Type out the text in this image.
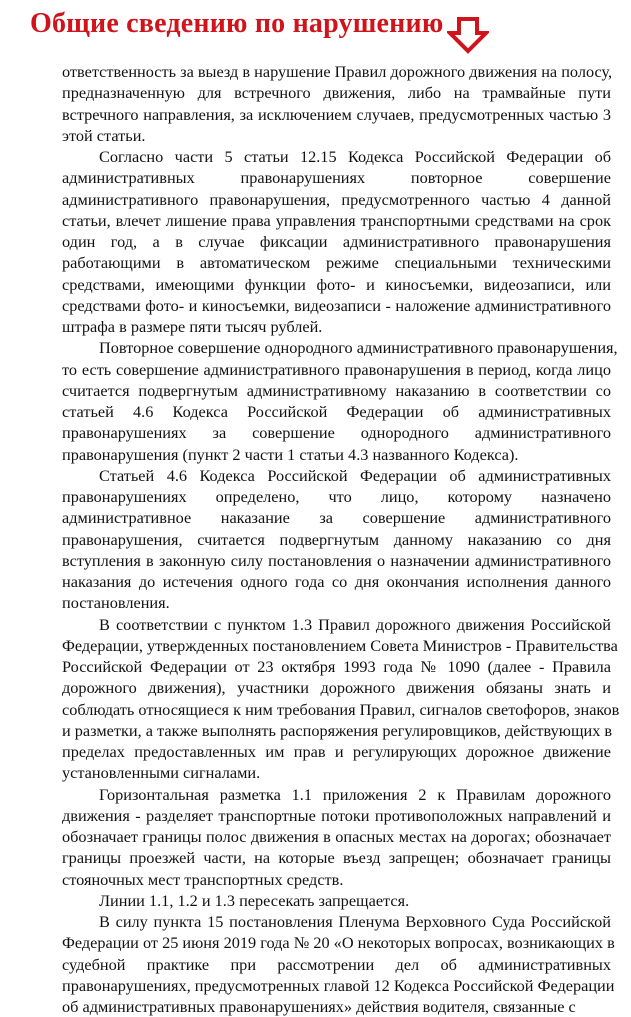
Общие сведению по нарушению
ответственность за выезд в нарушение Правил дорожного движения на полосу,
предназначенную для встречного движения, либо на трамвайные пути
встречного направления, за исключением случаев, предусмотренных частью 3
этой статьи.
Согласно части 5 статьи 12.15 Кодекса Российской Федерации об
административных правонарушениях повторное совершение
административного правонарушения, предусмотренного частью 4 данной
статьи, влечет лишение права управления транспортными средствами на срок
один год, а в случае фиксации административного правонарушения
работающими в автоматическом режиме специальными техническими
средствами, имеющими функции фото- и киносъемки, видеозаписи, или
средствами фото- и киносъемки, видеозаписи - наложение административного
штрафа в размере пяти тысяч рублей.
Повторное совершение однородного административного правонарушения,
то есть совершение административного правонарушения в период, когда лицо
считается подвергнутым административному наказанию в соответствии со
статьей 4.6 Кодекса Российской Федерации об административных
правонарушениях за совершение однородного административного
правонарушения (пункт 2 части 1 статьи 4.3 названного Кодекса).
Статьей 4.6 Кодекса Российской Федерации об административных
правонарушениях определено, что лицо, которому назначено
административное наказание за совершение административного
правонарушения, считается подвергнутым данному наказанию со дня
вступления в законную силу постановления о назначении административного
наказания до истечения одного года со дня окончания исполнения данного
постановления.
В соответствии с пунктом 1.3 Правил дорожного движения Российской
Федерации, утвержденных постановлением Совета Министров - Правительства
Российской Федерации от 23 октября 1993 года № 1090 (далее - Правила
дорожного движения), участники дорожного движения обязаны знать и
соблюдать относящиеся к ним требования Правил, сигналов светофоров, знаков
и разметки, а также выполнять распоряжения регулировщиков, действующих в
пределах предоставленных им прав и регулирующих дорожное движение
установленными сигналами.
Горизонтальная разметка 1.1 приложения 2 к Правилам дорожного
движения - разделяет транспортные потоки противоположных направлений и
обозначает границы полос движения в опасных местах на дорогах; обозначает
границы проезжей части, на которые въезд запрещен; обозначает границы
стояночных мест транспортных средств.
Линии 1.1, 1.2 и 1.3 пересекать запрещается.
В силу пункта 15 постановления Пленума Верховного Суда Российской
Федерации от 25 июня 2019 года № 20 «О некоторых вопросах, возникающих в
судебной практике при рассмотрении дел об административных
правонарушениях, предусмотренных главой 12 Кодекса Российской Федерации
об административных правонарушениях» действия водителя, связанные с
